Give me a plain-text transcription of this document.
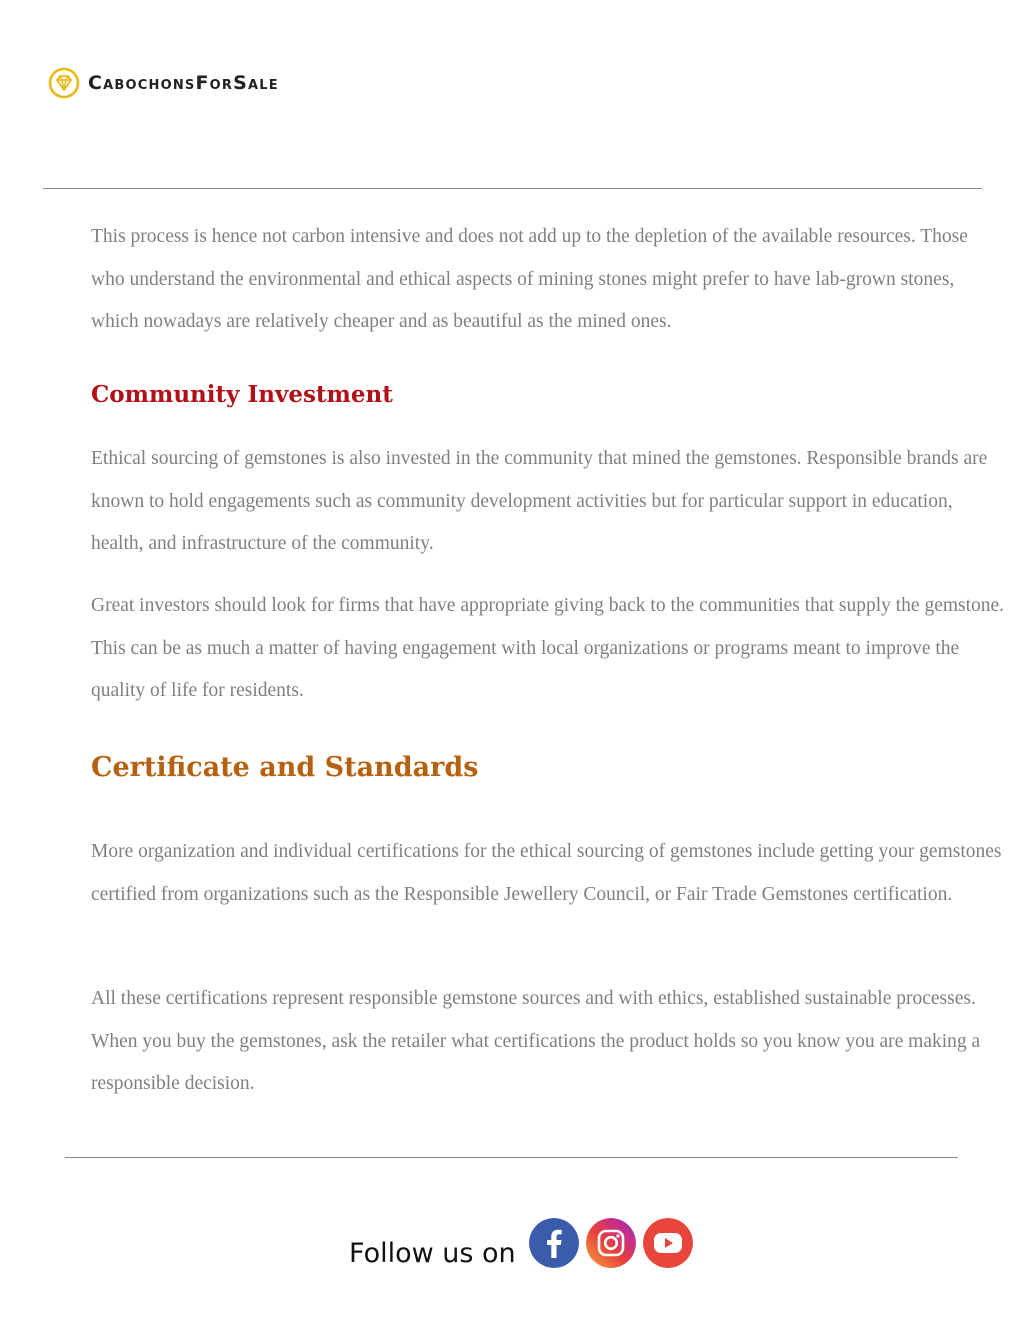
CabochonsForSale

This process is hence not carbon intensive and does not add up to the depletion of the available resources. Those who understand the environmental and ethical aspects of mining stones might prefer to have lab-grown stones, which nowadays are relatively cheaper and as beautiful as the mined ones.

Community Investment

Ethical sourcing of gemstones is also invested in the community that mined the gemstones. Responsible brands are known to hold engagements such as community development activities but for particular support in education, health, and infrastructure of the community.

Great investors should look for firms that have appropriate giving back to the communities that supply the gemstone. This can be as much a matter of having engagement with local organizations or programs meant to improve the quality of life for residents.

Certificate and Standards

More organization and individual certifications for the ethical sourcing of gemstones include getting your gemstones certified from organizations such as the Responsible Jewellery Council, or Fair Trade Gemstones certification.

All these certifications represent responsible gemstone sources and with ethics, established sustainable processes. When you buy the gemstones, ask the retailer what certifications the product holds so you know you are making a responsible decision.

Follow us on
